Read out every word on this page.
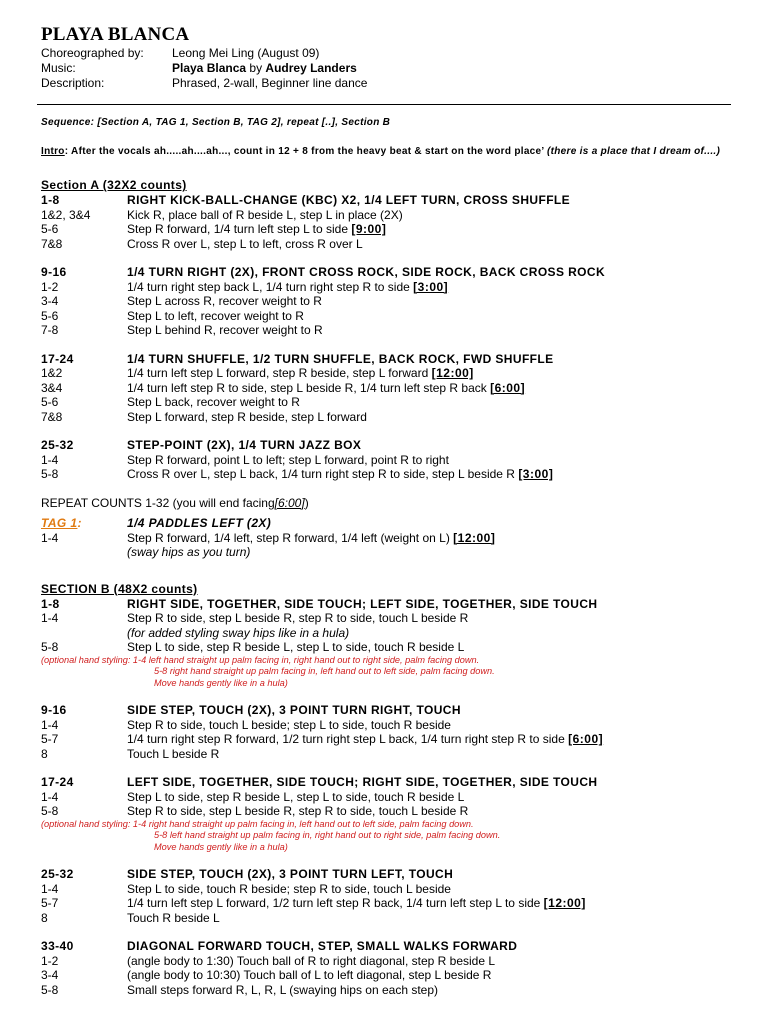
PLAYA BLANCA
Choreographed by:	Leong Mei Ling (August 09)
Music:	Playa Blanca by Audrey Landers
Description:	Phrased, 2-wall, Beginner line dance
Sequence: [Section A, TAG 1, Section B, TAG 2], repeat [..], Section B
Intro: After the vocals ah.....ah....ah..., count in 12 + 8 from the heavy beat & start on the word place’ (there is a place that I dream of....)
Section A (32X2 counts)
1-8	RIGHT KICK-BALL-CHANGE (KBC) X2, 1/4 LEFT TURN, CROSS SHUFFLE
1&2, 3&4	Kick R, place ball of R beside L, step L in place (2X)
5-6	Step R forward, 1/4 turn left step L to side [9:00]
7&8	Cross R over L, step L to left, cross R over L
9-16	1/4 TURN RIGHT (2X), FRONT CROSS ROCK, SIDE ROCK, BACK CROSS ROCK
1-2	1/4 turn right step back L, 1/4 turn right step R to side [3:00]
3-4	Step L across R, recover weight to R
5-6	Step L to left, recover weight to R
7-8	Step L behind R, recover weight to R
17-24	1/4 TURN SHUFFLE, 1/2 TURN SHUFFLE, BACK ROCK, FWD SHUFFLE
1&2	1/4 turn left step L forward, step R beside, step L forward [12:00]
3&4	1/4 turn left step R to side, step L beside R, 1/4 turn left step R back [6:00]
5-6	Step L back, recover weight to R
7&8	Step L forward, step R beside, step L forward
25-32	STEP-POINT (2X), 1/4 TURN JAZZ BOX
1-4	Step R forward, point L to left; step L forward, point R to right
5-8	Cross R over L, step L back, 1/4 turn right step R to side, step L beside R [3:00]
REPEAT COUNTS 1-32 (you will end facing [6:00] )
TAG 1:	1/4 PADDLES LEFT (2X)
1-4	Step R forward, 1/4 left, step R forward, 1/4 left (weight on L) [12:00]
(sway hips as you turn)
SECTION B (48X2 counts)
1-8	RIGHT SIDE, TOGETHER, SIDE TOUCH; LEFT SIDE, TOGETHER, SIDE TOUCH
1-4	Step R to side, step L beside R, step R to side, touch L beside R
(for added styling sway hips like in a hula)
5-8	Step L to side, step R beside L, step L to side, touch R beside L
(optional hand styling: 1-4 left hand straight up palm facing in, right hand out to right side, palm facing down.
5-8 right hand straight up palm facing in, left hand out to left side, palm facing down.
Move hands gently like in a hula)
9-16	SIDE STEP, TOUCH (2X), 3 POINT TURN RIGHT, TOUCH
1-4	Step R to side, touch L beside; step L to side, touch R beside
5-7	1/4 turn right step R forward, 1/2 turn right step L back, 1/4 turn right step R to side [6:00]
8	Touch L beside R
17-24	LEFT SIDE, TOGETHER, SIDE TOUCH; RIGHT SIDE, TOGETHER, SIDE TOUCH
1-4	Step L to side, step R beside L, step L to side, touch R beside L
5-8	Step R to side, step L beside R, step R to side, touch L beside R
(optional hand styling: 1-4 right hand straight up palm facing in, left hand out to left side, palm facing down.
5-8 left hand straight up palm facing in, right hand out to right side, palm facing down.
Move hands gently like in a hula)
25-32	SIDE STEP, TOUCH (2X), 3 POINT TURN LEFT, TOUCH
1-4	Step L to side, touch R beside; step R to side, touch L beside
5-7	1/4 turn left step L forward, 1/2 turn left step R back, 1/4 turn left step L to side [12:00]
8	Touch R beside L
33-40	DIAGONAL FORWARD TOUCH, STEP, SMALL WALKS FORWARD
1-2	(angle body to 1:30) Touch ball of R to right diagonal, step R beside L
3-4	(angle body to 10:30) Touch ball of L to left diagonal, step L beside R
5-8	Small steps forward R, L, R, L (swaying hips on each step)
